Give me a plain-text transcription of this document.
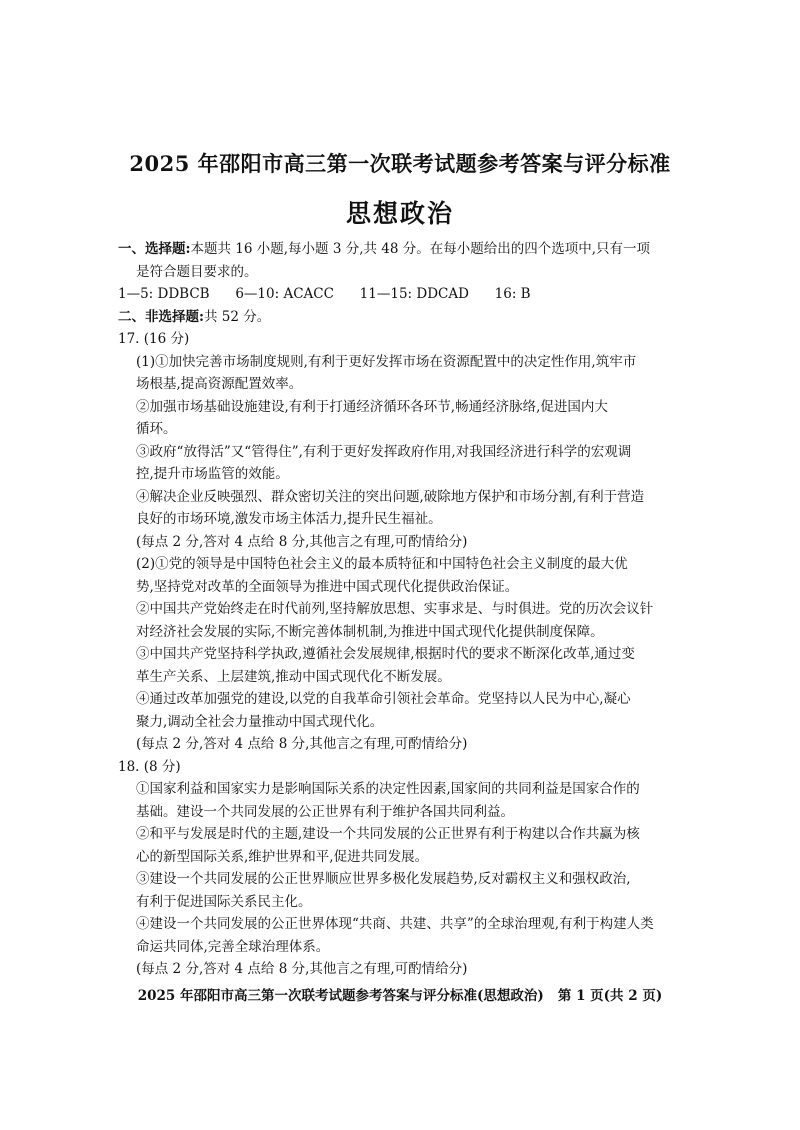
2025 年邵阳市高三第一次联考试题参考答案与评分标准
思想政治
一、选择题:本题共 16 小题,每小题 3 分,共 48 分。在每小题给出的四个选项中,只有一项
是符合题目要求的。
1—5: DDBCB      6—10: ACACC      11—15: DDCAD      16: B
二、非选择题:共 52 分。
17. (16 分)
(1)①加快完善市场制度规则,有利于更好发挥市场在资源配置中的决定性作用,筑牢市
场根基,提高资源配置效率。
②加强市场基础设施建设,有利于打通经济循环各环节,畅通经济脉络,促进国内大
循环。
③政府“放得活”又“管得住”,有利于更好发挥政府作用,对我国经济进行科学的宏观调
控,提升市场监管的效能。
④解决企业反映强烈、群众密切关注的突出问题,破除地方保护和市场分割,有利于营造
良好的市场环境,激发市场主体活力,提升民生福祉。
(每点 2 分,答对 4 点给 8 分,其他言之有理,可酌情给分)
(2)①党的领导是中国特色社会主义的最本质特征和中国特色社会主义制度的最大优
势,坚持党对改革的全面领导为推进中国式现代化提供政治保证。
②中国共产党始终走在时代前列,坚持解放思想、实事求是、与时俱进。党的历次会议针
对经济社会发展的实际,不断完善体制机制,为推进中国式现代化提供制度保障。
③中国共产党坚持科学执政,遵循社会发展规律,根据时代的要求不断深化改革,通过变
革生产关系、上层建筑,推动中国式现代化不断发展。
④通过改革加强党的建设,以党的自我革命引领社会革命。党坚持以人民为中心,凝心
聚力,调动全社会力量推动中国式现代化。
(每点 2 分,答对 4 点给 8 分,其他言之有理,可酌情给分)
18. (8 分)
①国家利益和国家实力是影响国际关系的决定性因素,国家间的共同利益是国家合作的
基础。建设一个共同发展的公正世界有利于维护各国共同利益。
②和平与发展是时代的主题,建设一个共同发展的公正世界有利于构建以合作共赢为核
心的新型国际关系,维护世界和平,促进共同发展。
③建设一个共同发展的公正世界顺应世界多极化发展趋势,反对霸权主义和强权政治,
有利于促进国际关系民主化。
④建设一个共同发展的公正世界体现“共商、共建、共享”的全球治理观,有利于构建人类
命运共同体,完善全球治理体系。
(每点 2 分,答对 4 点给 8 分,其他言之有理,可酌情给分)
2025 年邵阳市高三第一次联考试题参考答案与评分标准(思想政治)   第 1 页(共 2 页)
